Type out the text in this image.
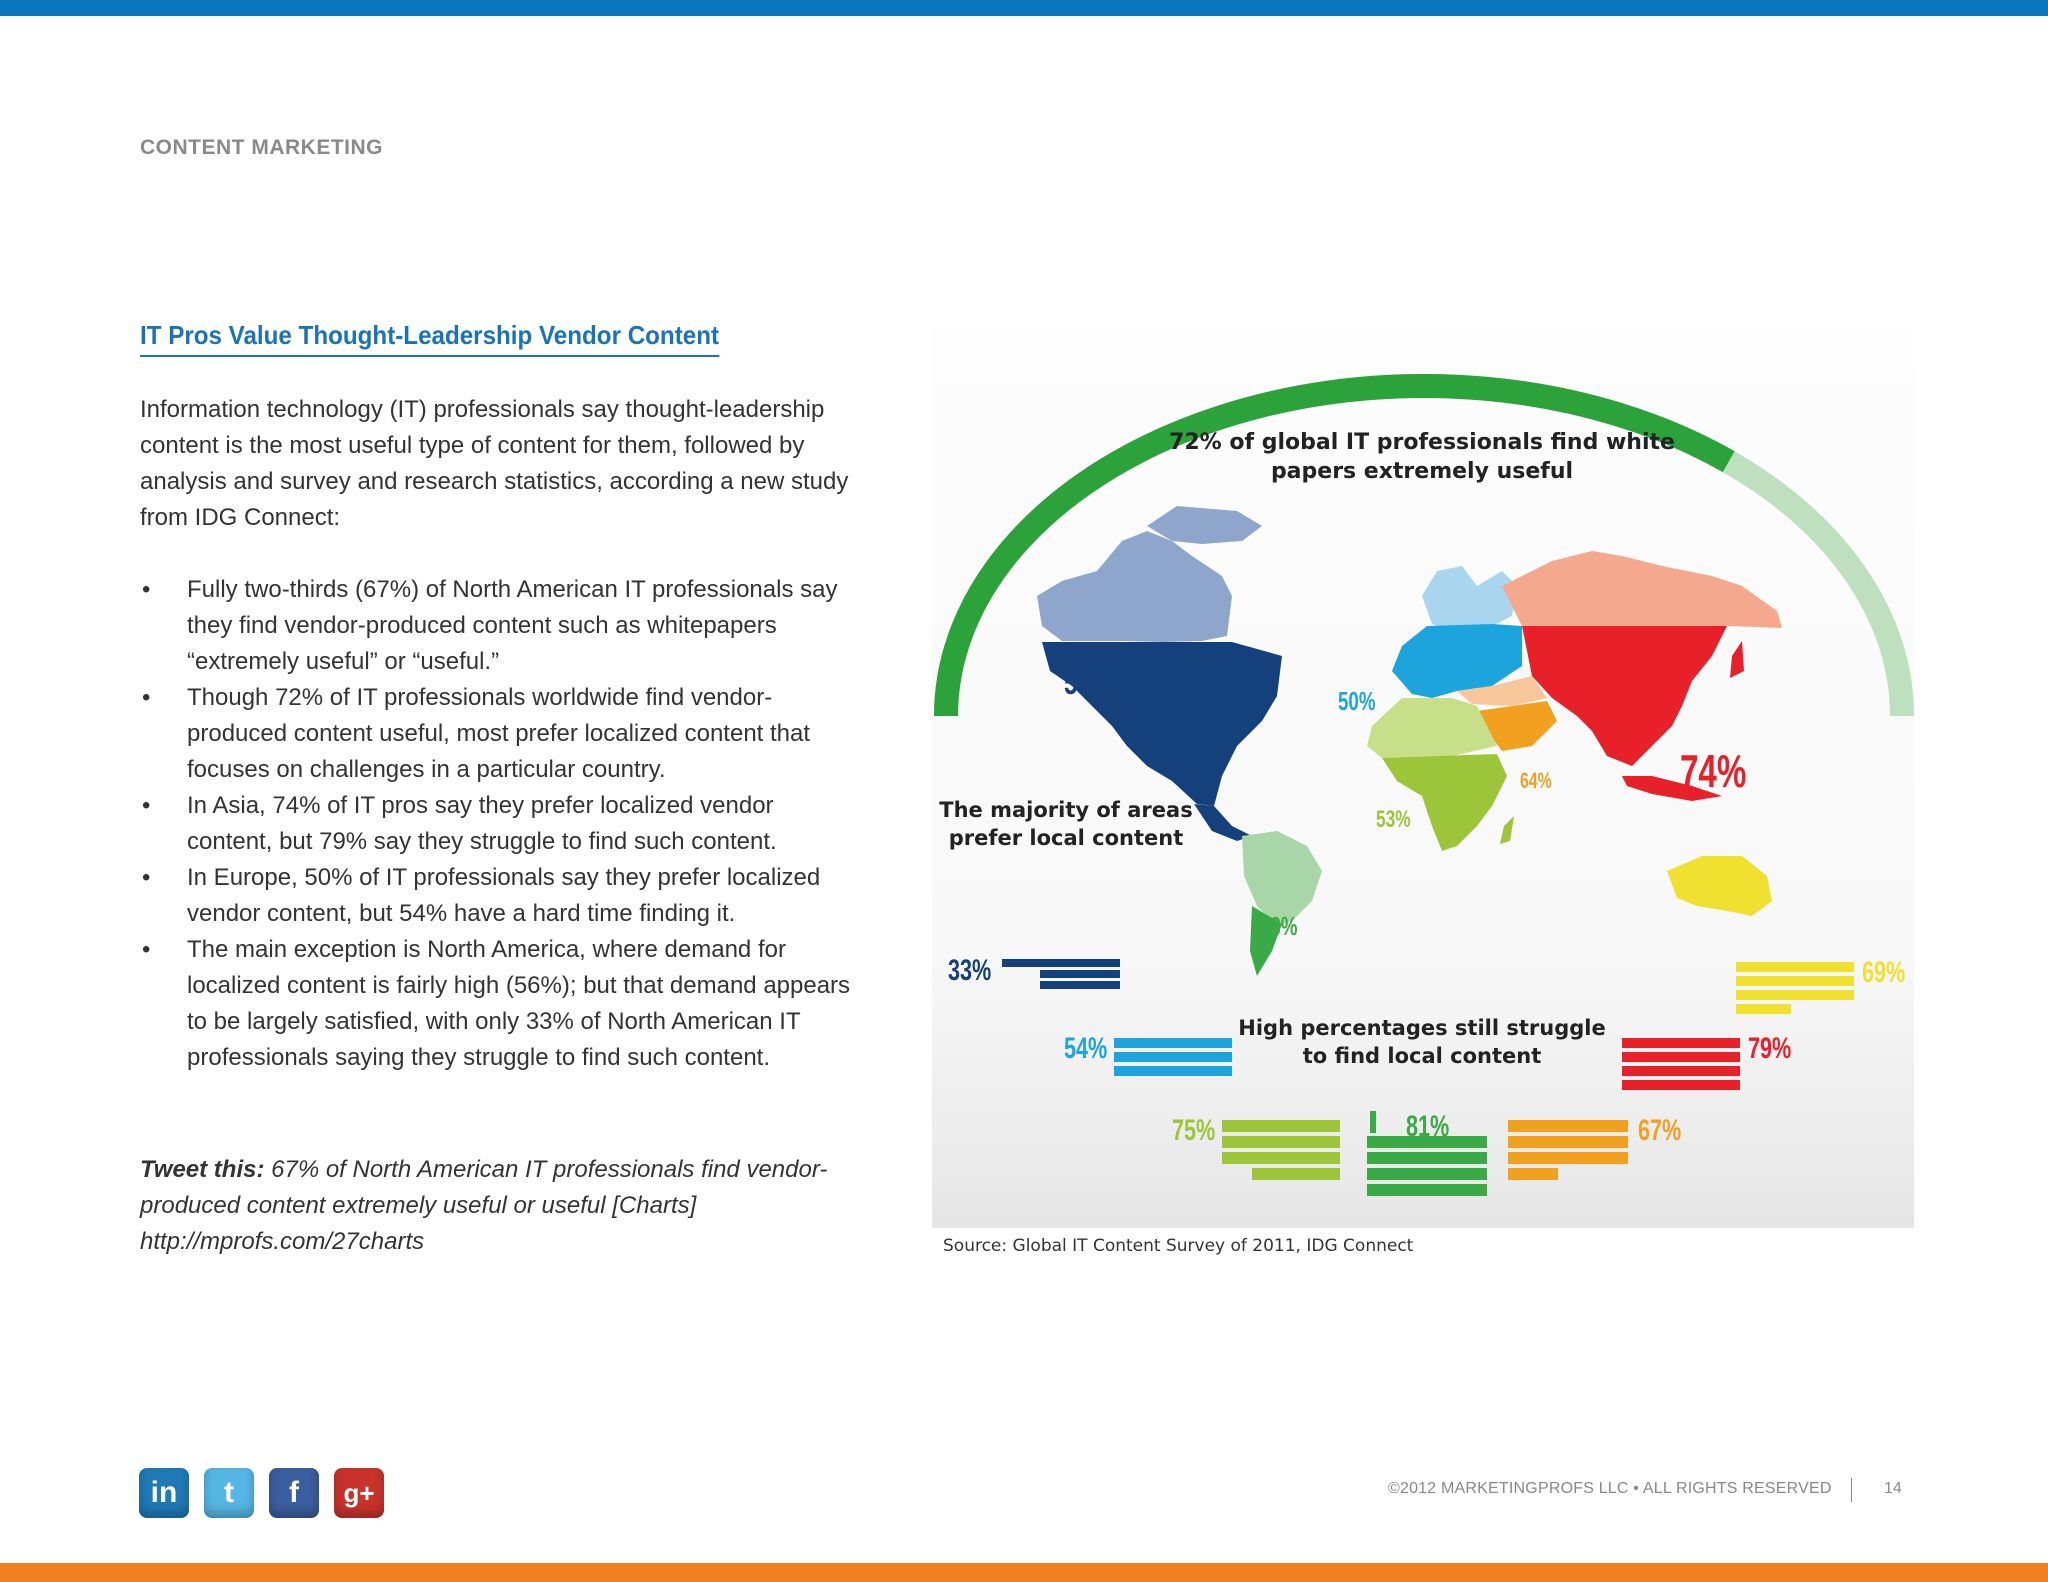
CONTENT MARKETING
IT Pros Value Thought-Leadership Vendor Content
Information technology (IT) professionals say thought-leadership content is the most useful type of content for them, followed by analysis and survey and research statistics, according a new study from IDG Connect:
• Fully two-thirds (67%) of North American IT professionals say they find vendor-produced content such as whitepapers “extremely useful” or “useful.”
• Though 72% of IT professionals worldwide find vendor-produced content useful, most prefer localized content that focuses on challenges in a particular country.
• In Asia, 74% of IT pros say they prefer localized vendor content, but 79% say they struggle to find such content.
• In Europe, 50% of IT professionals say they prefer localized vendor content, but 54% have a hard time finding it.
• The main exception is North America, where demand for localized content is fairly high (56%); but that demand appears to be largely satisfied, with only 33% of North American IT professionals saying they struggle to find such content.
Tweet this: 67% of North American IT professionals find vendor-produced content extremely useful or useful [Charts] http://mprofs.com/27charts
72% of global IT professionals find white
papers extremely useful
The majority of areas
prefer local content
High percentages still struggle
to find local content
56%	50%
64%	74%
53%
43%
57%
33%
54%
75%	81%	67%
79%
69%
Source: Global IT Content Survey of 2011, IDG Connect
in t f g+	©2012 MARKETINGPROFS LLC • ALL RIGHTS RESERVED	14
